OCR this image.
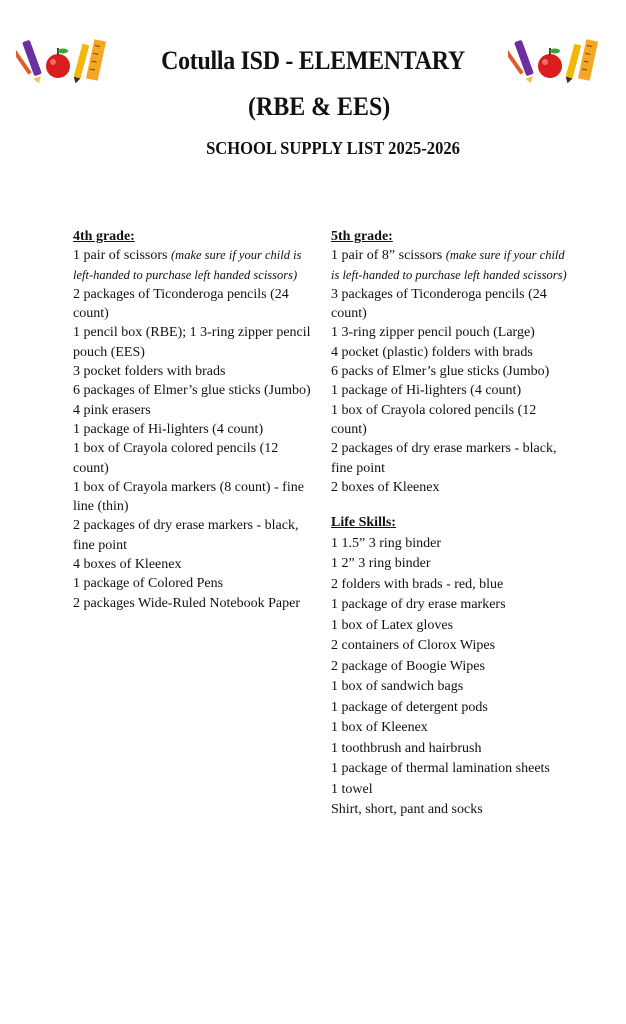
Cotulla ISD - ELEMENTARY
(RBE & EES)
SCHOOL SUPPLY LIST 2025-2026
4th grade:
1 pair of scissors (make sure if your child is left-handed to purchase left handed scissors)
2 packages of Ticonderoga pencils (24 count)
1 pencil box (RBE); 1 3-ring zipper pencil pouch (EES)
3 pocket folders with brads
6 packages of Elmer’s glue sticks (Jumbo)
4 pink erasers
1 package of Hi-lighters (4 count)
1 box of Crayola colored pencils (12 count)
1 box of Crayola markers (8 count) - fine line (thin)
2 packages of dry erase markers - black, fine point
4 boxes of Kleenex
1 package of Colored Pens
2 packages Wide-Ruled Notebook Paper
5th grade:
1 pair of 8” scissors (make sure if your child is left-handed to purchase left handed scissors)
3 packages of Ticonderoga pencils (24 count)
1 3-ring zipper pencil pouch (Large)
4 pocket (plastic) folders with brads
6 packs of Elmer’s glue sticks (Jumbo)
1 package of Hi-lighters (4 count)
1 box of Crayola colored pencils (12 count)
2 packages of dry erase markers - black, fine point
2 boxes of Kleenex
Life Skills:
1 1.5” 3 ring binder
1 2” 3 ring binder
2 folders with brads - red, blue
1 package of dry erase markers
1 box of Latex gloves
2 containers of Clorox Wipes
2 package of Boogie Wipes
1 box of sandwich bags
1 package of detergent pods
1 box of Kleenex
1 toothbrush and hairbrush
1 package of thermal lamination sheets
1 towel
Shirt, short, pant and socks
